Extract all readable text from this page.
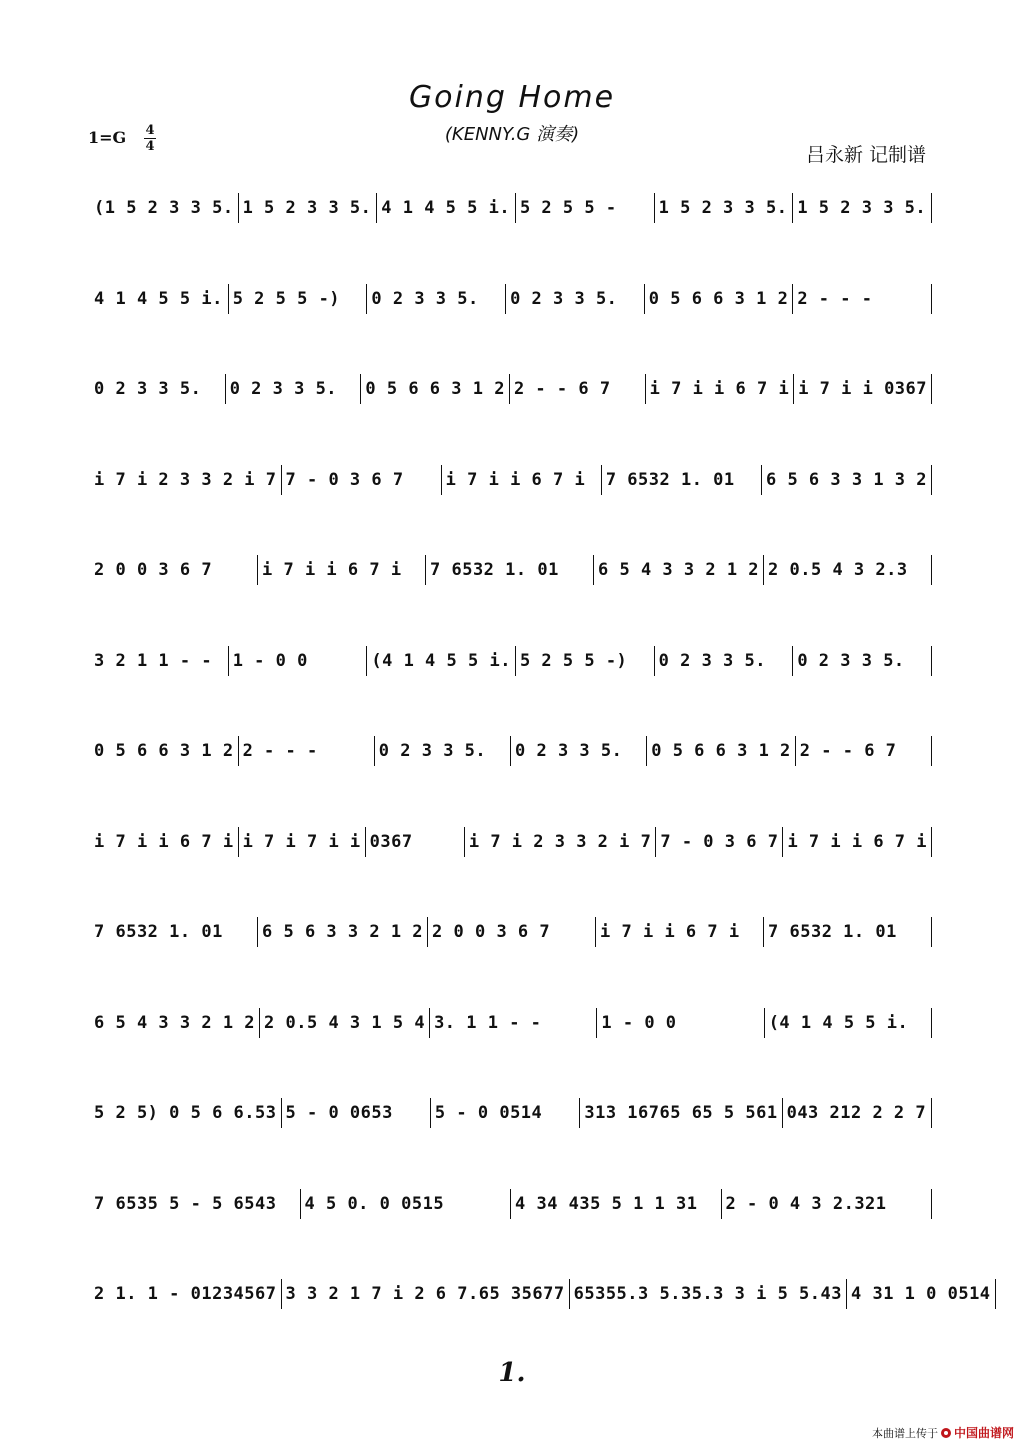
Going Home
(KENNY.G 演奏)
1=G 4
4	吕永新 记制谱
(1 5 2 3 3 5. 1 5 2 3 3 5. 4 1 4 5 5 i. 5 2 5 5 -	1 5 2 3 3 5. 1 5 2 3 3 5.
4 1 4 5 5 i. 5 2 5 5 -)	0 2 3 3 5.	0 2 3 3 5.	0 5 6 6 3 1 2 2 - - -
0 2 3 3 5.	0 2 3 3 5.	0 5 6 6 3 1 2 2 - - 6 7	i 7 i i 6 7 i i 7 i i 0367
i 7 i 2 3 3 2 i 7 7 - 0 3 6 7	i 7 i i 6 7 i	7 6532 1. 01	6 5 6 3 3 1 3 2
2 0 0 3 6 7	i 7 i i 6 7 i	7 6532 1. 01	6 5 4 3 3 2 1 2 2 0.5 4 3 2.3
3 2 1 1 - -	1 - 0 0	(4 1 4 5 5 i. 5 2 5 5 -)	0 2 3 3 5.	0 2 3 3 5.
0 5 6 6 3 1 2 2 - - -	0 2 3 3 5.	0 2 3 3 5.	0 5 6 6 3 1 2 2 - - 6 7
i 7 i i 6 7 i i 7 i 7 i i 0367	i 7 i 2 3 3 2 i 7 7 - 0 3 6 7 i 7 i i 6 7 i
7 6532 1. 01	6 5 6 3 3 2 1 2 2 0 0 3 6 7	i 7 i i 6 7 i	7 6532 1. 01
6 5 4 3 3 2 1 2 2 0.5 4 3 1 5 4 3. 1 1 - -	1 - 0 0	(4 1 4 5 5 i.
5 2 5) 0 5 6 6.53 5 - 0 0653	5 - 0 0514	313 16765 65 5 561 043 212 2 2 7
7 6535 5 - 5 6543	4 5 0. 0 0515	4 34 435 5 1 1 31	2 - 0 4 3 2.321
2 1. 1 - 01234567 3 3 2 1 7 i 2 6 7.65 35677 65355.3 5.35.3 3 i 5 5.43 4 31 1 0 0514
1.
本曲谱上传于 中国曲谱网
